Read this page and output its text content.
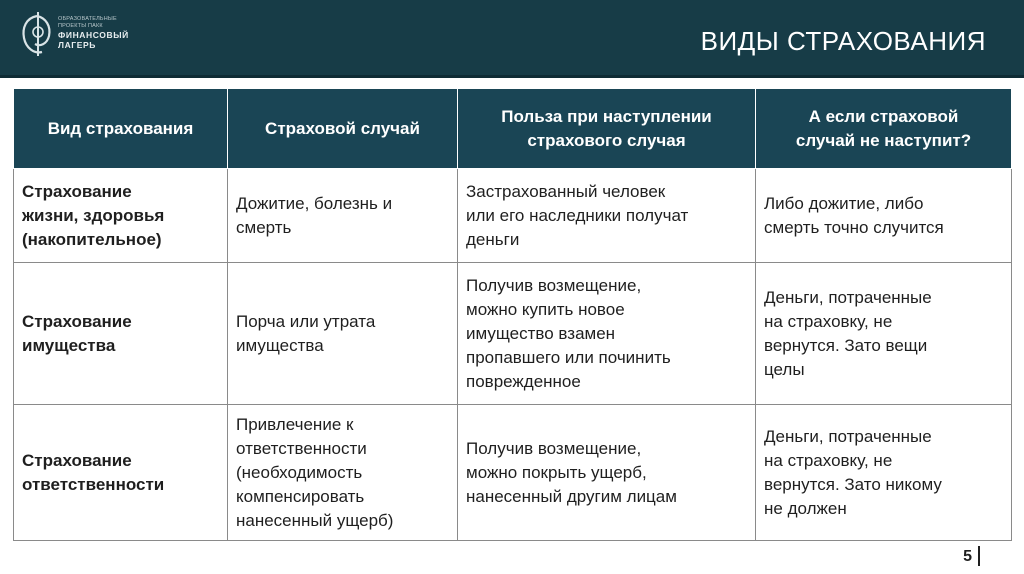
ОБРАЗОВАТЕЛЬНЫЕ
ПРОЕКТЫ ПАКК
ФИНАНСОВЫЙ
ЛАГЕРЬ	ВИДЫ СТРАХОВАНИЯ
Вид страхования	Страховой случай	Польза при наступлении
страхового случая	А если страховой
случай не наступит?

Страхование
жизни, здоровья
(накопительное)	Дожитие, болезнь и
смерть	Застрахованный человек
или его наследники получат
деньги	Либо дожитие, либо
смерть точно случится

Страхование
имущества	Порча или утрата
имущества	Получив возмещение,
можно купить новое
имущество взамен
пропавшего или починить
поврежденное	Деньги, потраченные
на страховку, не
вернутся. Зато вещи
целы

Страхование
ответственности	Привлечение к
ответственности
(необходимость
компенсировать
нанесенный ущерб)	Получив возмещение,
можно покрыть ущерб,
нанесенный другим лицам	Деньги, потраченные
на страховку, не
вернутся. Зато никому
не должен
5
